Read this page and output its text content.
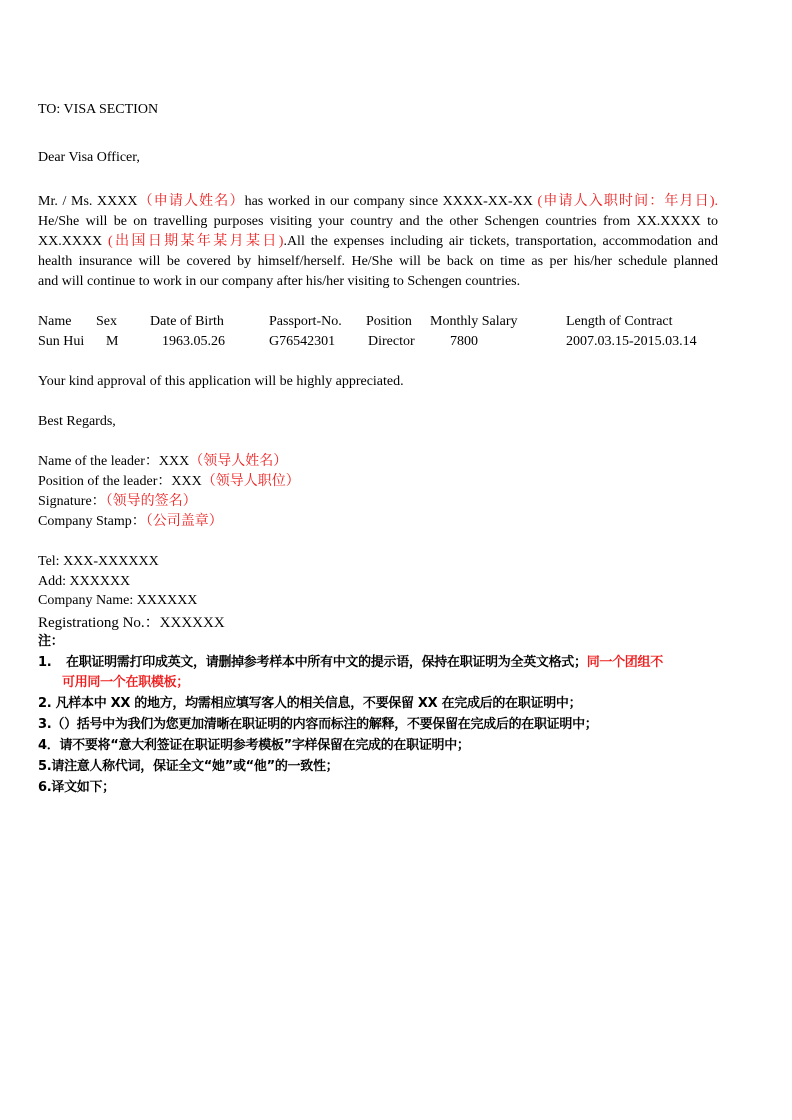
TO: VISA SECTION
Dear Visa Officer,
Mr. / Ms. XXXX（申请人姓名）has worked in our company since XXXX-XX-XX (申请人入职时间：年月日).
He/She will be on travelling purposes visiting your country and the other Schengen countries from XX.XXXX to
XX.XXXX (出国日期某年某月某日).All the expenses including air tickets, transportation, accommodation and
health insurance will be covered by himself/herself. He/She will be back on time as per his/her schedule planned
and will continue to work in our company after his/her visiting to Schengen countries.
Name	Sex	Date of Birth	Passport-No.	Position	Monthly Salary	Length of Contract
Sun Hui	M	1963.05.26	G76542301	Director	7800	2007.03.15-2015.03.14
Your kind approval of this application will be highly appreciated.
Best Regards,
Name of the leader：XXX（领导人姓名）
Position of the leader：XXX（领导人职位）
Signature：（领导的签名）
Company Stamp：（公司盖章）
Tel: XXX-XXXXXX
Add: XXXXXX
Company Name: XXXXXX
Registrationg No.：XXXXXX
注：
1. 在职证明需打印成英文，请删掉参考样本中所有中文的提示语，保持在职证明为全英文格式；同一个团组不
可用同一个在职模板；
2. 凡样本中 XX 的地方，均需相应填写客人的相关信息，不要保留 XX 在完成后的在职证明中；
3.（）括号中为我们为您更加清晰在职证明的内容而标注的解释，不要保留在完成后的在职证明中；
4．请不要将“意大利签证在职证明参考模板”字样保留在完成的在职证明中；
5.请注意人称代词，保证全文“她”或“他”的一致性；
6.译文如下；
